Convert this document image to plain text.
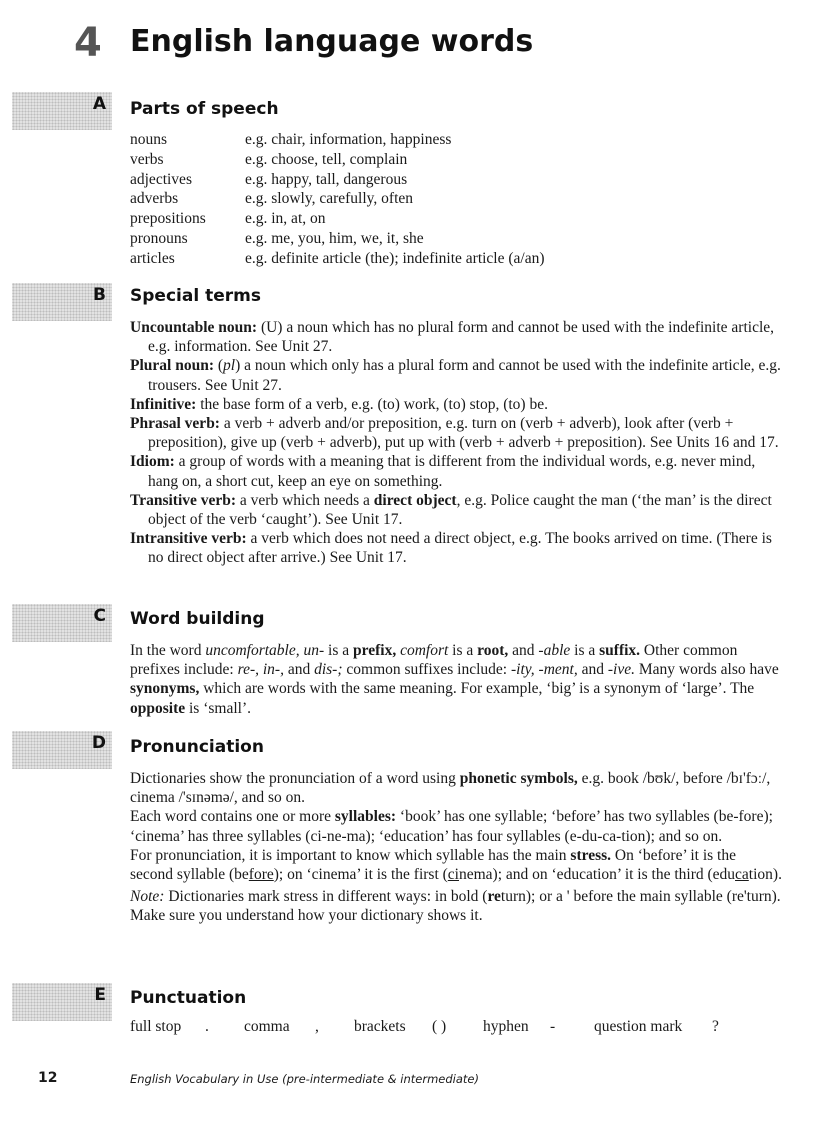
4 English language words
A Parts of speech
nouns	e.g. chair, information, happiness
verbs	e.g. choose, tell, complain
adjectives	e.g. happy, tall, dangerous
adverbs	e.g. slowly, carefully, often
prepositions	e.g. in, at, on
pronouns	e.g. me, you, him, we, it, she
articles	e.g. definite article (the); indefinite article (a/an)
B Special terms
Uncountable noun: (U) a noun which has no plural form and cannot be used with the indefinite article, e.g. information. See Unit 27.
Plural noun: (pl) a noun which only has a plural form and cannot be used with the indefinite article, e.g. trousers. See Unit 27.
Infinitive: the base form of a verb, e.g. (to) work, (to) stop, (to) be.
Phrasal verb: a verb + adverb and/or preposition, e.g. turn on (verb + adverb), look after (verb + preposition), give up (verb + adverb), put up with (verb + adverb + preposition). See Units 16 and 17.
Idiom: a group of words with a meaning that is different from the individual words, e.g. never mind, hang on, a short cut, keep an eye on something.
Transitive verb: a verb which needs a direct object, e.g. Police caught the man (‘the man’ is the direct object of the verb ‘caught’). See Unit 17.
Intransitive verb: a verb which does not need a direct object, e.g. The books arrived on time. (There is no direct object after arrive.) See Unit 17.
C Word building
In the word uncomfortable, un- is a prefix, comfort is a root, and -able is a suffix. Other common prefixes include: re-, in-, and dis-; common suffixes include: -ity, -ment, and -ive. Many words also have synonyms, which are words with the same meaning. For example, ‘big’ is a synonym of ‘large’. The opposite is ‘small’.
D Pronunciation
Dictionaries show the pronunciation of a word using phonetic symbols, e.g. book /bʊk/, before /bɪ'fɔː/, cinema /'sɪnəmə/, and so on.
Each word contains one or more syllables: ‘book’ has one syllable; ‘before’ has two syllables (be-fore); ‘cinema’ has three syllables (ci-ne-ma); ‘education’ has four syllables (e-du-ca-tion); and so on.
For pronunciation, it is important to know which syllable has the main stress. On ‘before’ it is the second syllable (before); on ‘cinema’ it is the first (cinema); and on ‘education’ it is the third (education).
Note: Dictionaries mark stress in different ways: in bold (return); or a ' before the main syllable (re'turn). Make sure you understand how your dictionary shows it.
E Punctuation
full stop . comma , brackets ( ) hyphen -	question mark ?
12	English Vocabulary in Use (pre-intermediate & intermediate)
